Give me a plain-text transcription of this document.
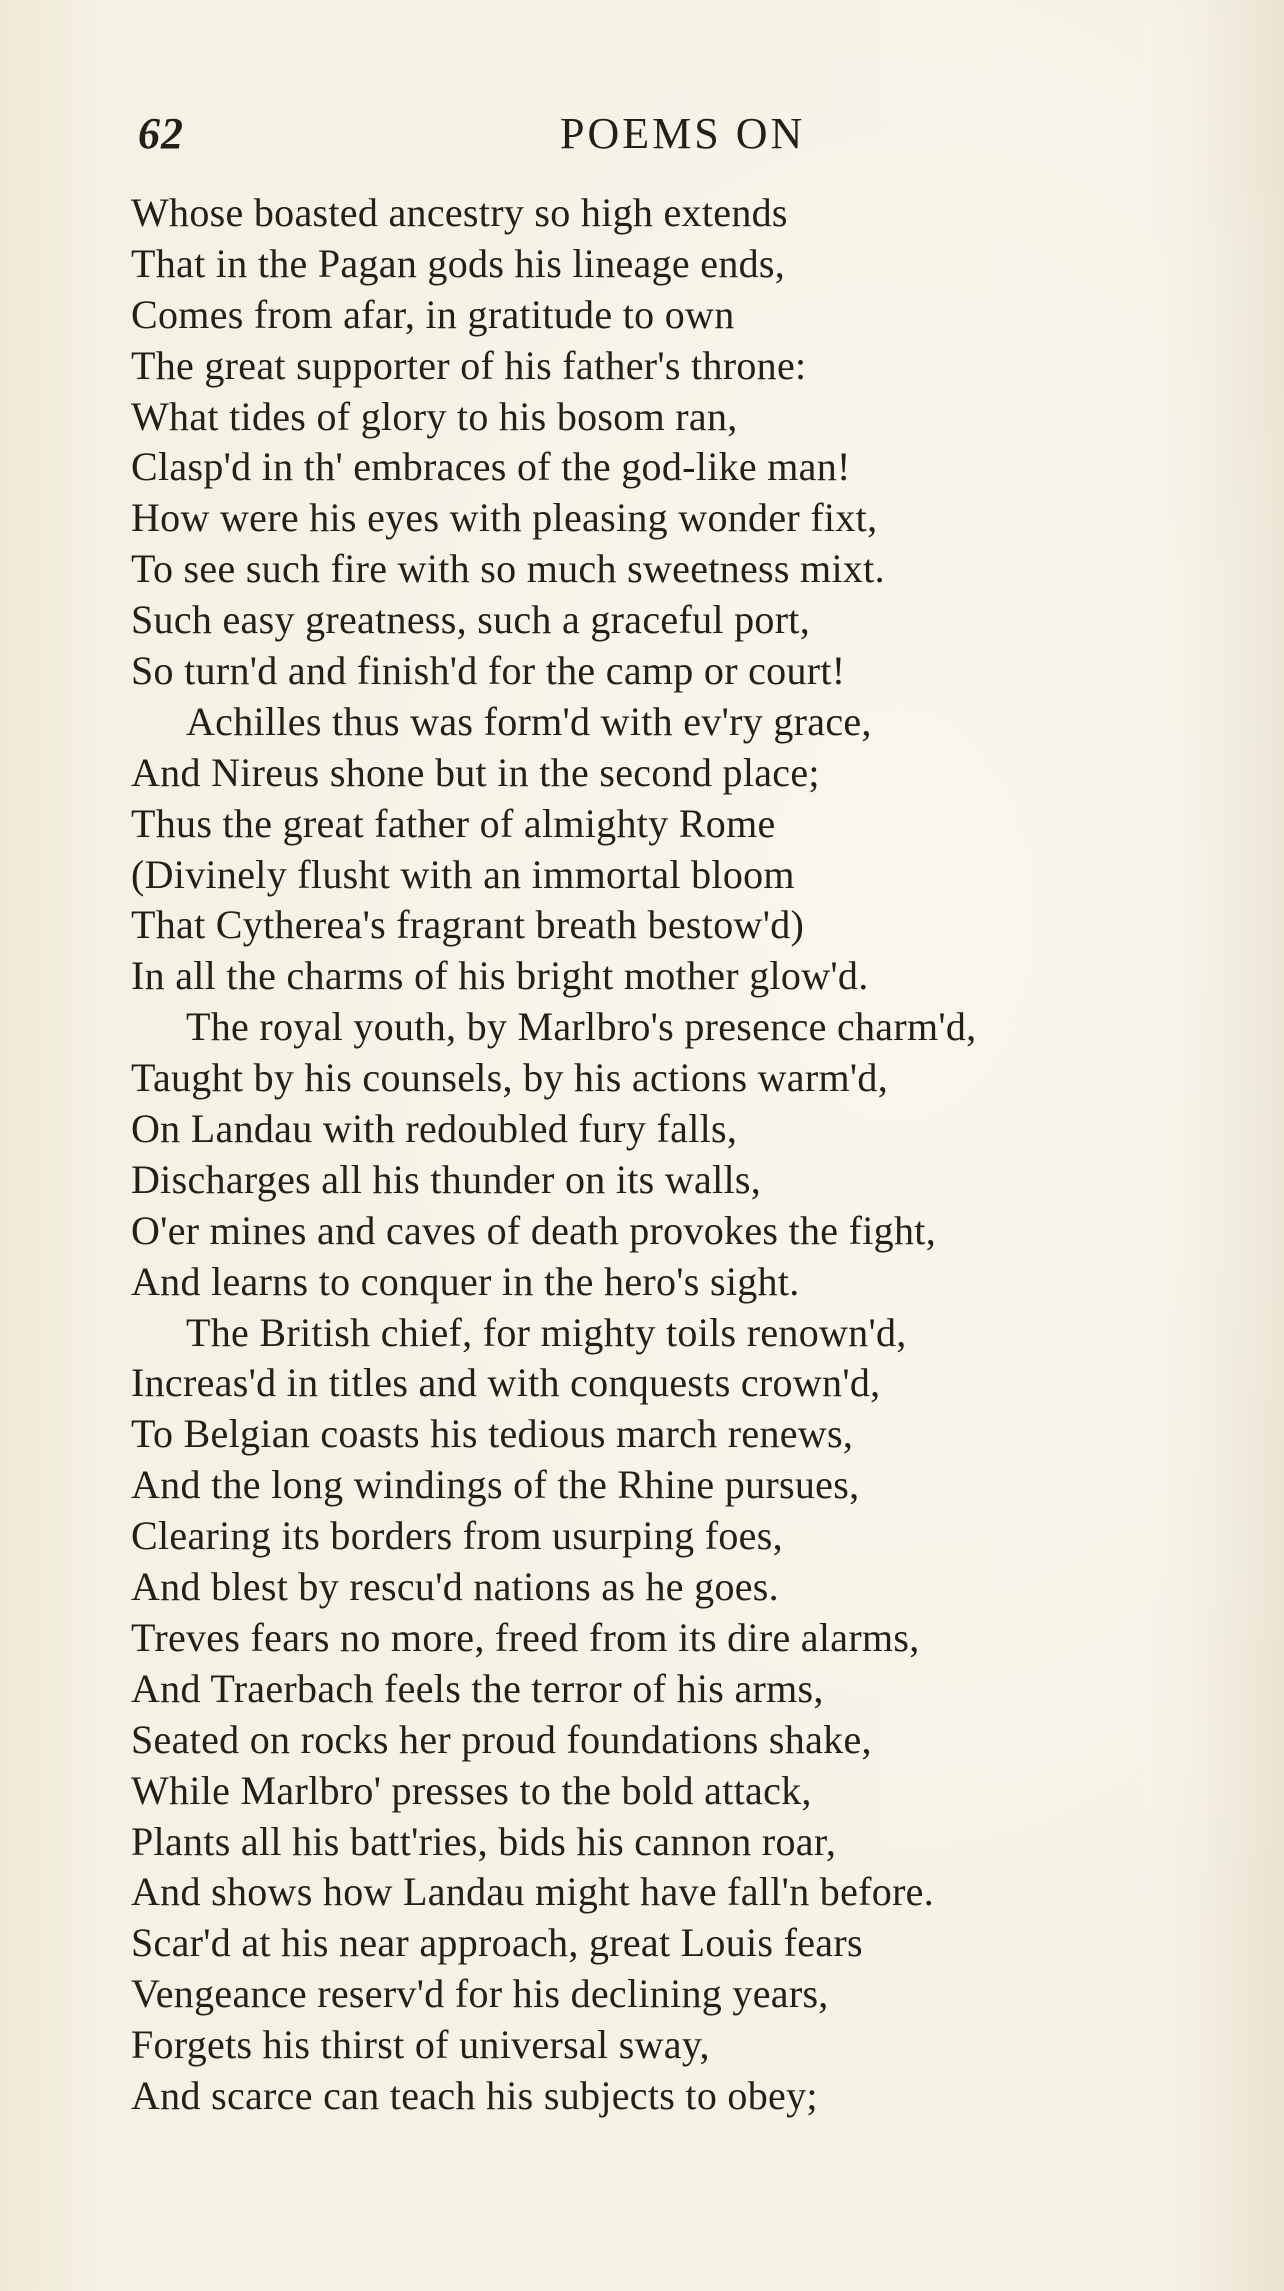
62	POEMS ON
Whose boasted ancestry so high extends
That in the Pagan gods his lineage ends,
Comes from afar, in gratitude to own
The great supporter of his father's throne:
What tides of glory to his bosom ran,
Clasp'd in th' embraces of the god-like man!
How were his eyes with pleasing wonder fixt,
To see such fire with so much sweetness mixt.
Such easy greatness, such a graceful port,
So turn'd and finish'd for the camp or court!
Achilles thus was form'd with ev'ry grace,
And Nireus shone but in the second place;
Thus the great father of almighty Rome
(Divinely flusht with an immortal bloom
That Cytherea's fragrant breath bestow'd)
In all the charms of his bright mother glow'd.
The royal youth, by Marlbro's presence charm'd,
Taught by his counsels, by his actions warm'd,
On Landau with redoubled fury falls,
Discharges all his thunder on its walls,
O'er mines and caves of death provokes the fight,
And learns to conquer in the hero's sight.
The British chief, for mighty toils renown'd,
Increas'd in titles and with conquests crown'd,
To Belgian coasts his tedious march renews,
And the long windings of the Rhine pursues,
Clearing its borders from usurping foes,
And blest by rescu'd nations as he goes.
Treves fears no more, freed from its dire alarms,
And Traerbach feels the terror of his arms,
Seated on rocks her proud foundations shake,
While Marlbro' presses to the bold attack,
Plants all his batt'ries, bids his cannon roar,
And shows how Landau might have fall'n before.
Scar'd at his near approach, great Louis fears
Vengeance reserv'd for his declining years,
Forgets his thirst of universal sway,
And scarce can teach his subjects to obey;
